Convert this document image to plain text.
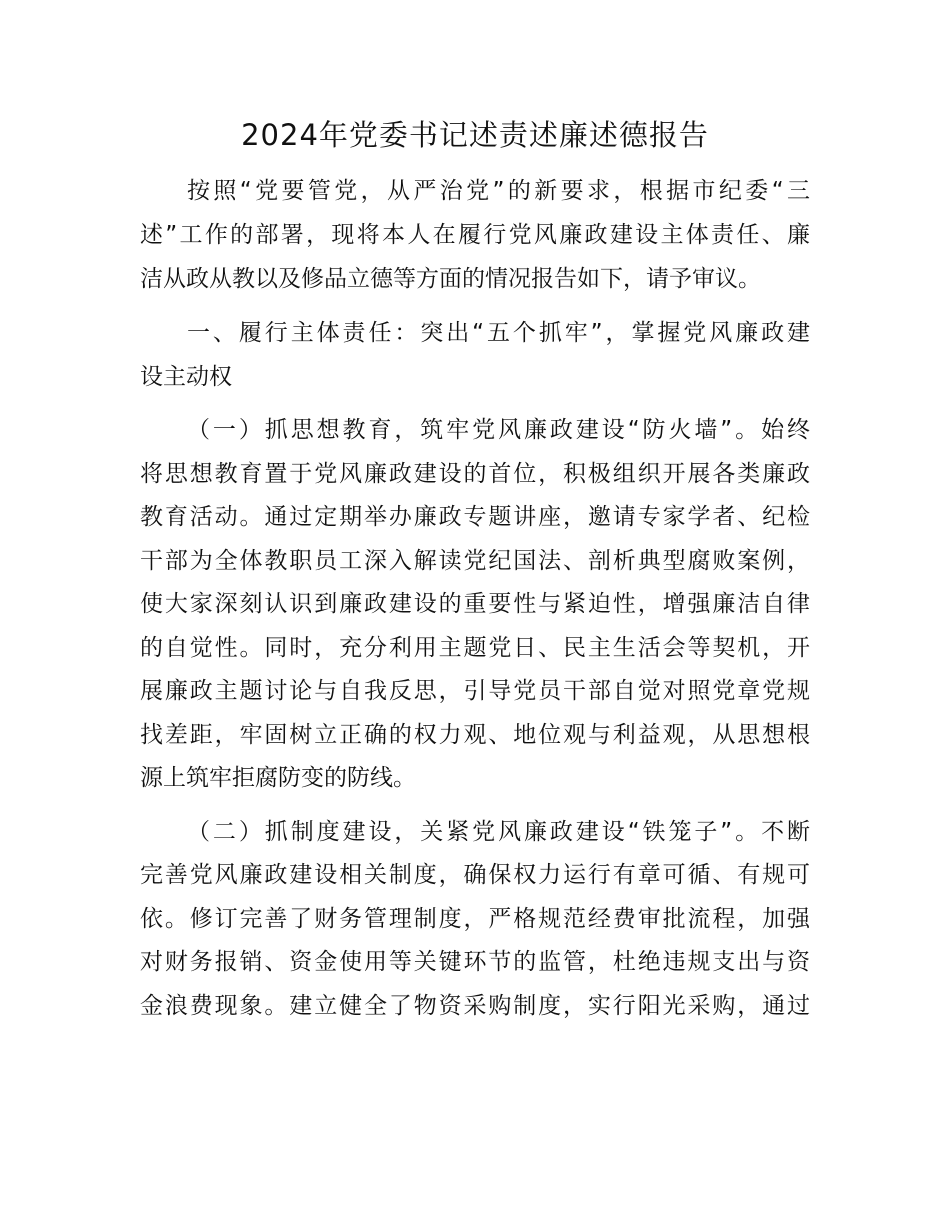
2024年党委书记述责述廉述德报告
按照“党要管党，从严治党”的新要求，根据市纪委“三
述”工作的部署，现将本人在履行党风廉政建设主体责任、廉
洁从政从教以及修品立德等方面的情况报告如下，请予审议。
一、履行主体责任：突出“五个抓牢”，掌握党风廉政建
设主动权
（一）抓思想教育，筑牢党风廉政建设“防火墙”。始终
将思想教育置于党风廉政建设的首位，积极组织开展各类廉政
教育活动。通过定期举办廉政专题讲座，邀请专家学者、纪检
干部为全体教职员工深入解读党纪国法、剖析典型腐败案例，
使大家深刻认识到廉政建设的重要性与紧迫性，增强廉洁自律
的自觉性。同时，充分利用主题党日、民主生活会等契机，开
展廉政主题讨论与自我反思，引导党员干部自觉对照党章党规
找差距，牢固树立正确的权力观、地位观与利益观，从思想根
源上筑牢拒腐防变的防线。
（二）抓制度建设，关紧党风廉政建设“铁笼子”。不断
完善党风廉政建设相关制度，确保权力运行有章可循、有规可
依。修订完善了财务管理制度，严格规范经费审批流程，加强
对财务报销、资金使用等关键环节的监管，杜绝违规支出与资
金浪费现象。建立健全了物资采购制度，实行阳光采购，通过
